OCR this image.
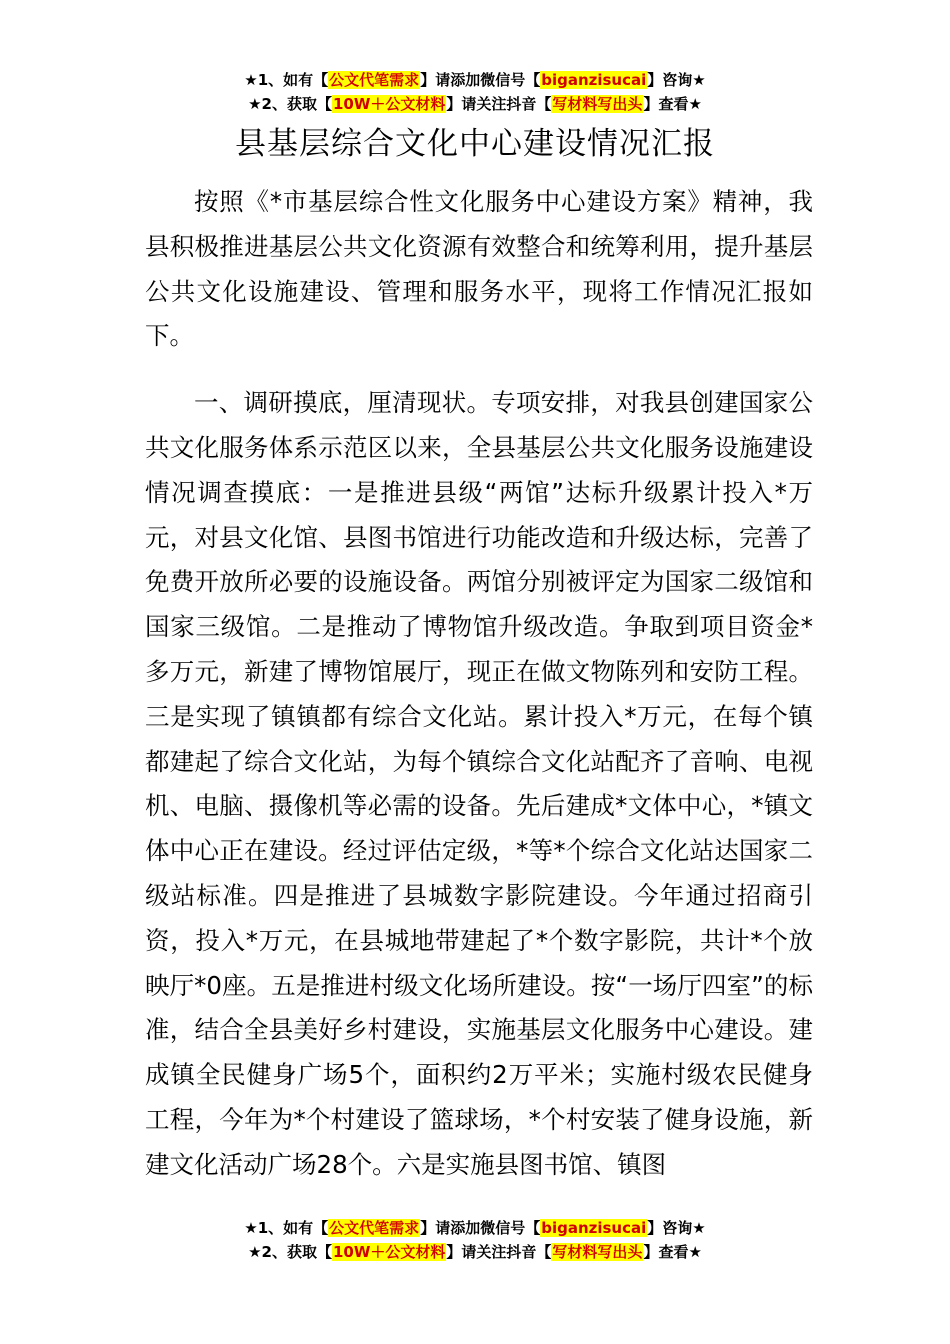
★1、如有【公文代笔需求】请添加微信号【biganzisucai】咨询★
★2、获取【10W＋公文材料】请关注抖音【写材料写出头】查看★
县基层综合文化中心建设情况汇报

按照《*市基层综合性文化服务中心建设方案》精神，我县积极推进基层公共文化资源有效整合和统筹利用，提升基层公共文化设施建设、管理和服务水平，现将工作情况汇报如下。

一、调研摸底，厘清现状。专项安排，对我县创建国家公共文化服务体系示范区以来，全县基层公共文化服务设施建设情况调查摸底：一是推进县级“两馆”达标升级累计投入*万元，对县文化馆、县图书馆进行功能改造和升级达标，完善了免费开放所必要的设施设备。两馆分别被评定为国家二级馆和国家三级馆。二是推动了博物馆升级改造。争取到项目资金*多万元，新建了博物馆展厅，现正在做文物陈列和安防工程。三是实现了镇镇都有综合文化站。累计投入*万元，在每个镇都建起了综合文化站，为每个镇综合文化站配齐了音响、电视机、电脑、摄像机等必需的设备。先后建成*文体中心，*镇文体中心正在建设。经过评估定级，*等*个综合文化站达国家二级站标准。四是推进了县城数字影院建设。今年通过招商引资，投入*万元，在县城地带建起了*个数字影院，共计*个放映厅*0座。五是推进村级文化场所建设。按“一场厅四室”的标准，结合全县美好乡村建设，实施基层文化服务中心建设。建成镇全民健身广场5个，面积约2万平米；实施村级农民健身工程，今年为*个村建设了篮球场，*个村安装了健身设施，新建文化活动广场28个。六是实施县图书馆、镇图

★1、如有【公文代笔需求】请添加微信号【biganzisucai】咨询★
★2、获取【10W＋公文材料】请关注抖音【写材料写出头】查看★
